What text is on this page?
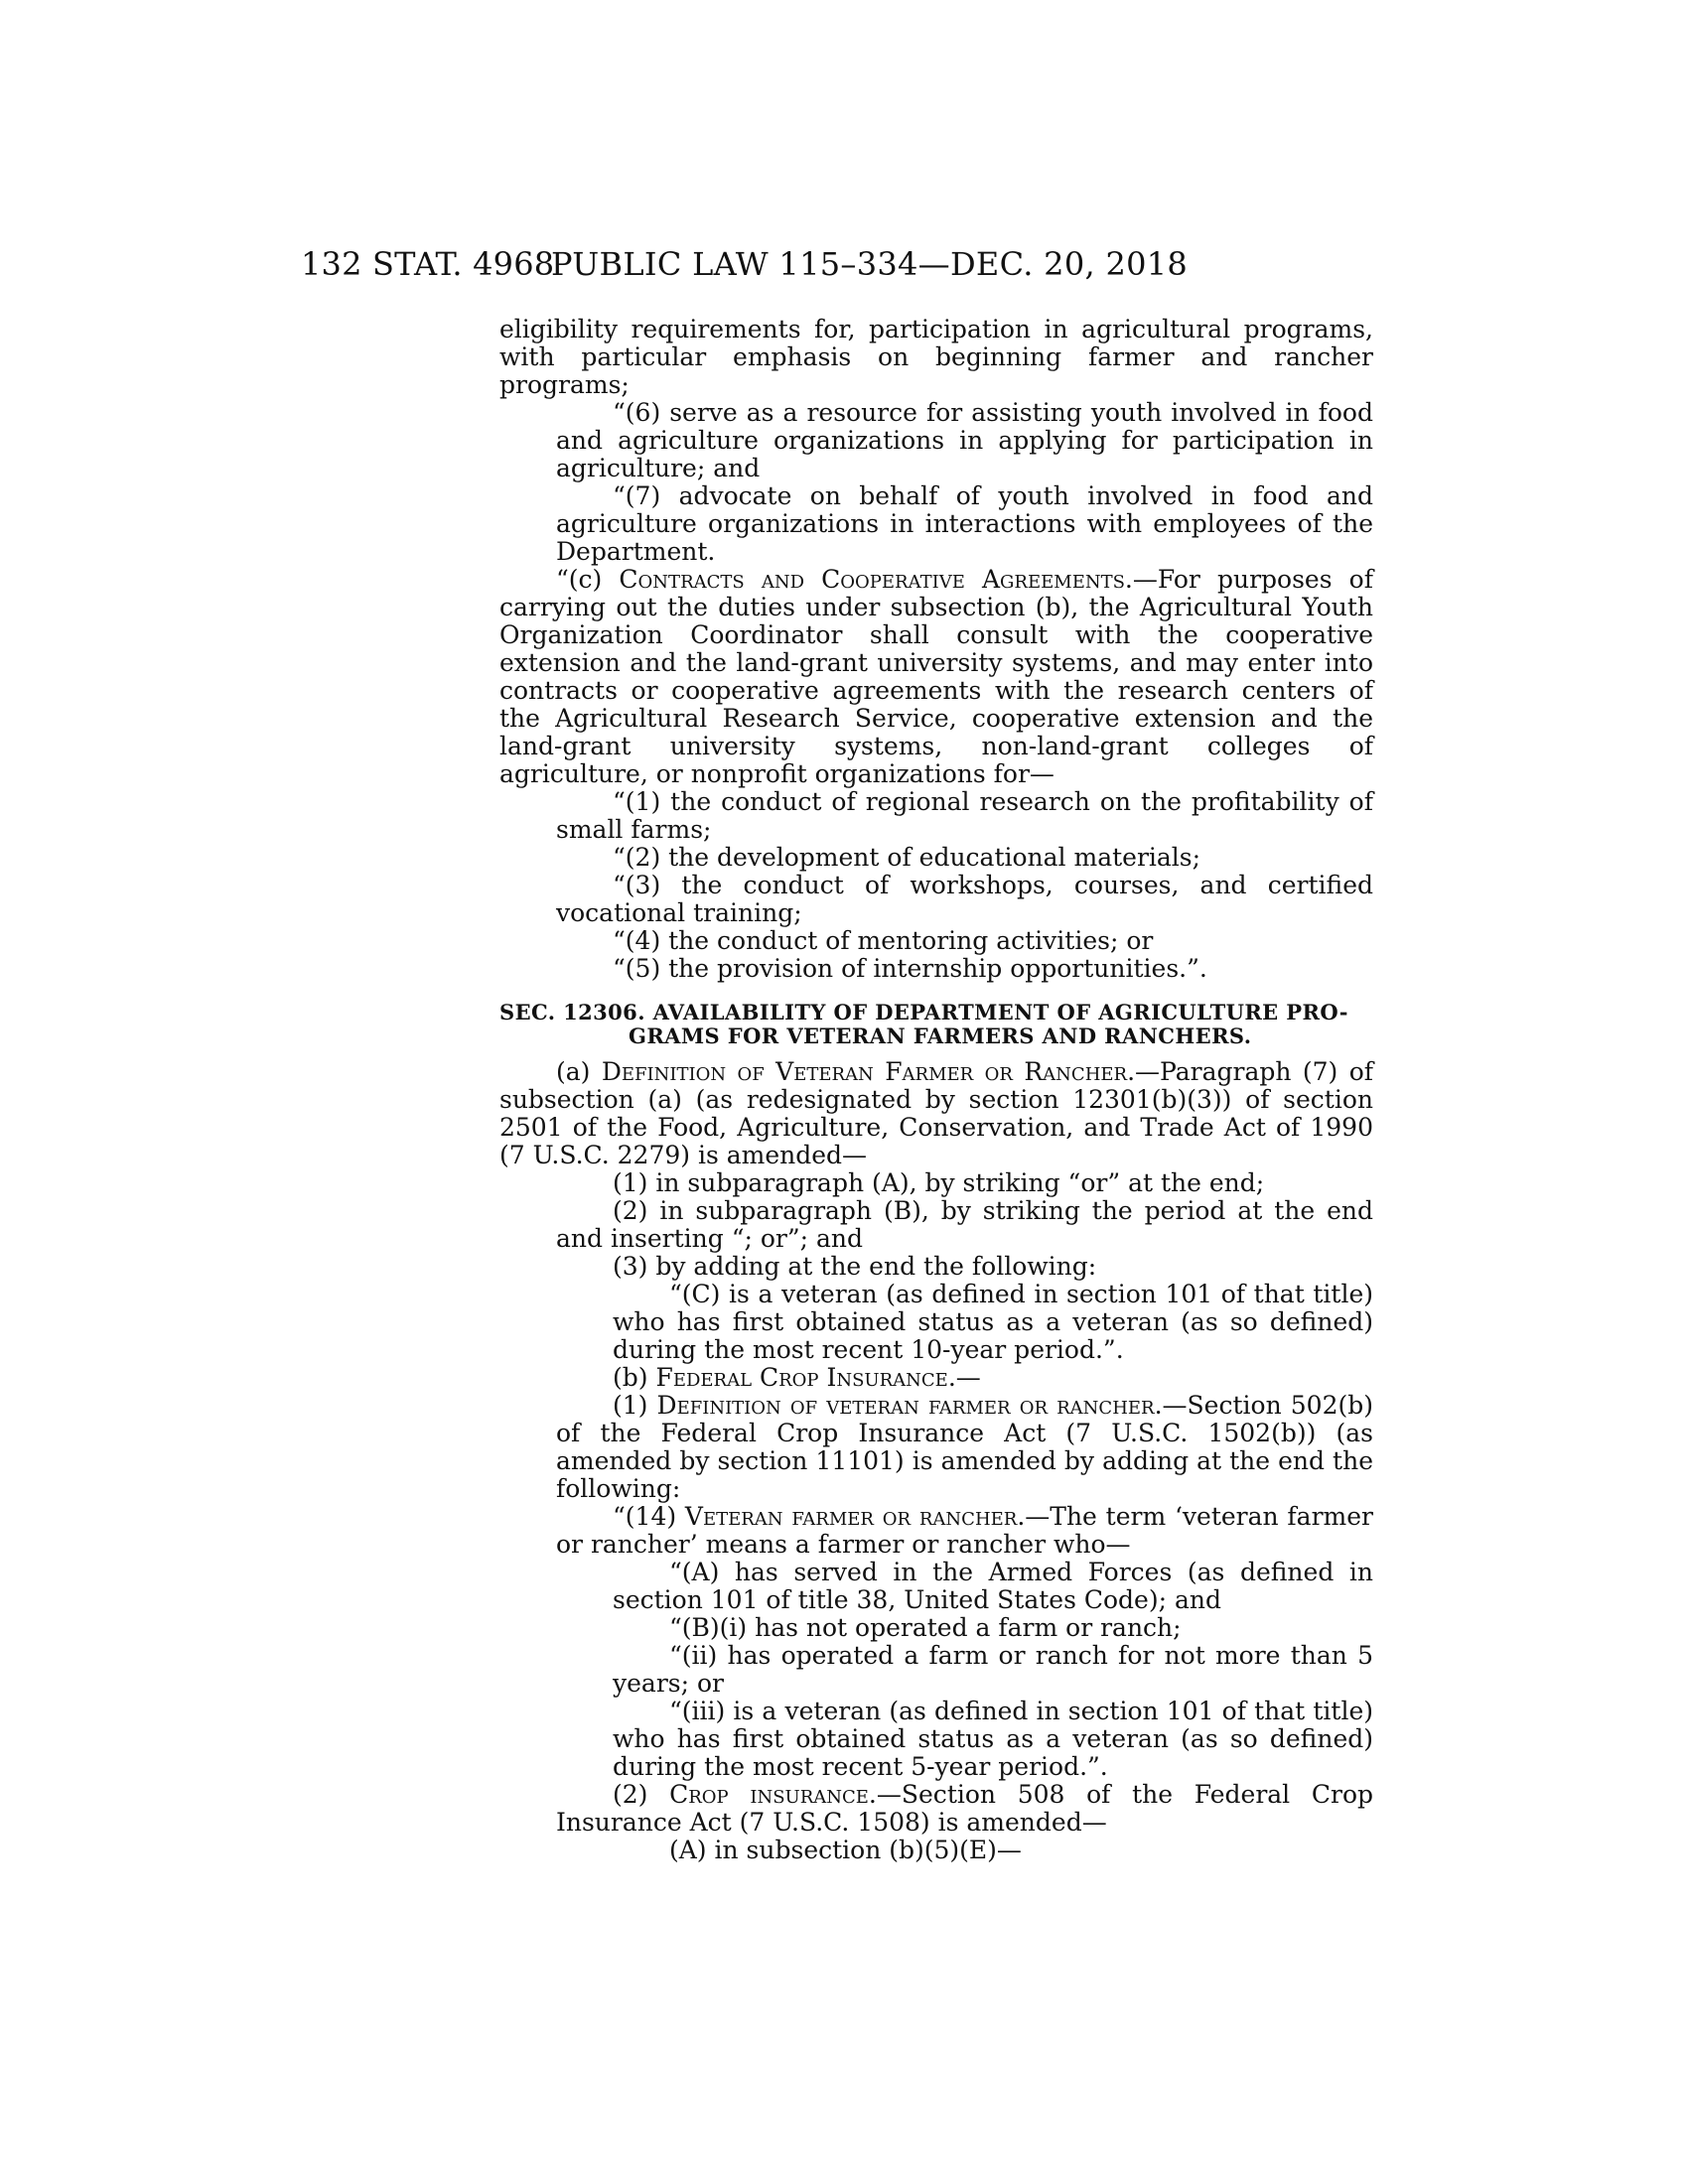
132 STAT. 4968
PUBLIC LAW 115–334—DEC. 20, 2018

eligibility requirements for, participation in agricultural programs, with particular emphasis on beginning farmer and rancher programs;

“(6) serve as a resource for assisting youth involved in food and agriculture organizations in applying for participation in agriculture; and

“(7) advocate on behalf of youth involved in food and agriculture organizations in interactions with employees of the Department.

“(c) Contracts and Cooperative Agreements.—For purposes of carrying out the duties under subsection (b), the Agricultural Youth Organization Coordinator shall consult with the cooperative extension and the land-grant university systems, and may enter into contracts or cooperative agreements with the research centers of the Agricultural Research Service, cooperative extension and the land-grant university systems, non-land-grant colleges of agriculture, or nonprofit organizations for—

“(1) the conduct of regional research on the profitability of small farms;

“(2) the development of educational materials;

“(3) the conduct of workshops, courses, and certified vocational training;

“(4) the conduct of mentoring activities; or

“(5) the provision of internship opportunities.”.

SEC. 12306. AVAILABILITY OF DEPARTMENT OF AGRICULTURE PRO-
GRAMS FOR VETERAN FARMERS AND RANCHERS.

(a) Definition of Veteran Farmer or Rancher.—Paragraph (7) of subsection (a) (as redesignated by section 12301(b)(3)) of section 2501 of the Food, Agriculture, Conservation, and Trade Act of 1990 (7 U.S.C. 2279) is amended—

(1) in subparagraph (A), by striking “or” at the end;

(2) in subparagraph (B), by striking the period at the end and inserting “; or”; and

(3) by adding at the end the following:

“(C) is a veteran (as defined in section 101 of that title) who has first obtained status as a veteran (as so defined) during the most recent 10-year period.”.

(b) Federal Crop Insurance.—

(1) Definition of veteran farmer or rancher.—Section 502(b) of the Federal Crop Insurance Act (7 U.S.C. 1502(b)) (as amended by section 11101) is amended by adding at the end the following:

“(14) Veteran farmer or rancher.—The term ‘veteran farmer or rancher’ means a farmer or rancher who—

“(A) has served in the Armed Forces (as defined in section 101 of title 38, United States Code); and

“(B)(i) has not operated a farm or ranch;

“(ii) has operated a farm or ranch for not more than 5 years; or

“(iii) is a veteran (as defined in section 101 of that title) who has first obtained status as a veteran (as so defined) during the most recent 5-year period.”.

(2) Crop insurance.—Section 508 of the Federal Crop Insurance Act (7 U.S.C. 1508) is amended—

(A) in subsection (b)(5)(E)—
